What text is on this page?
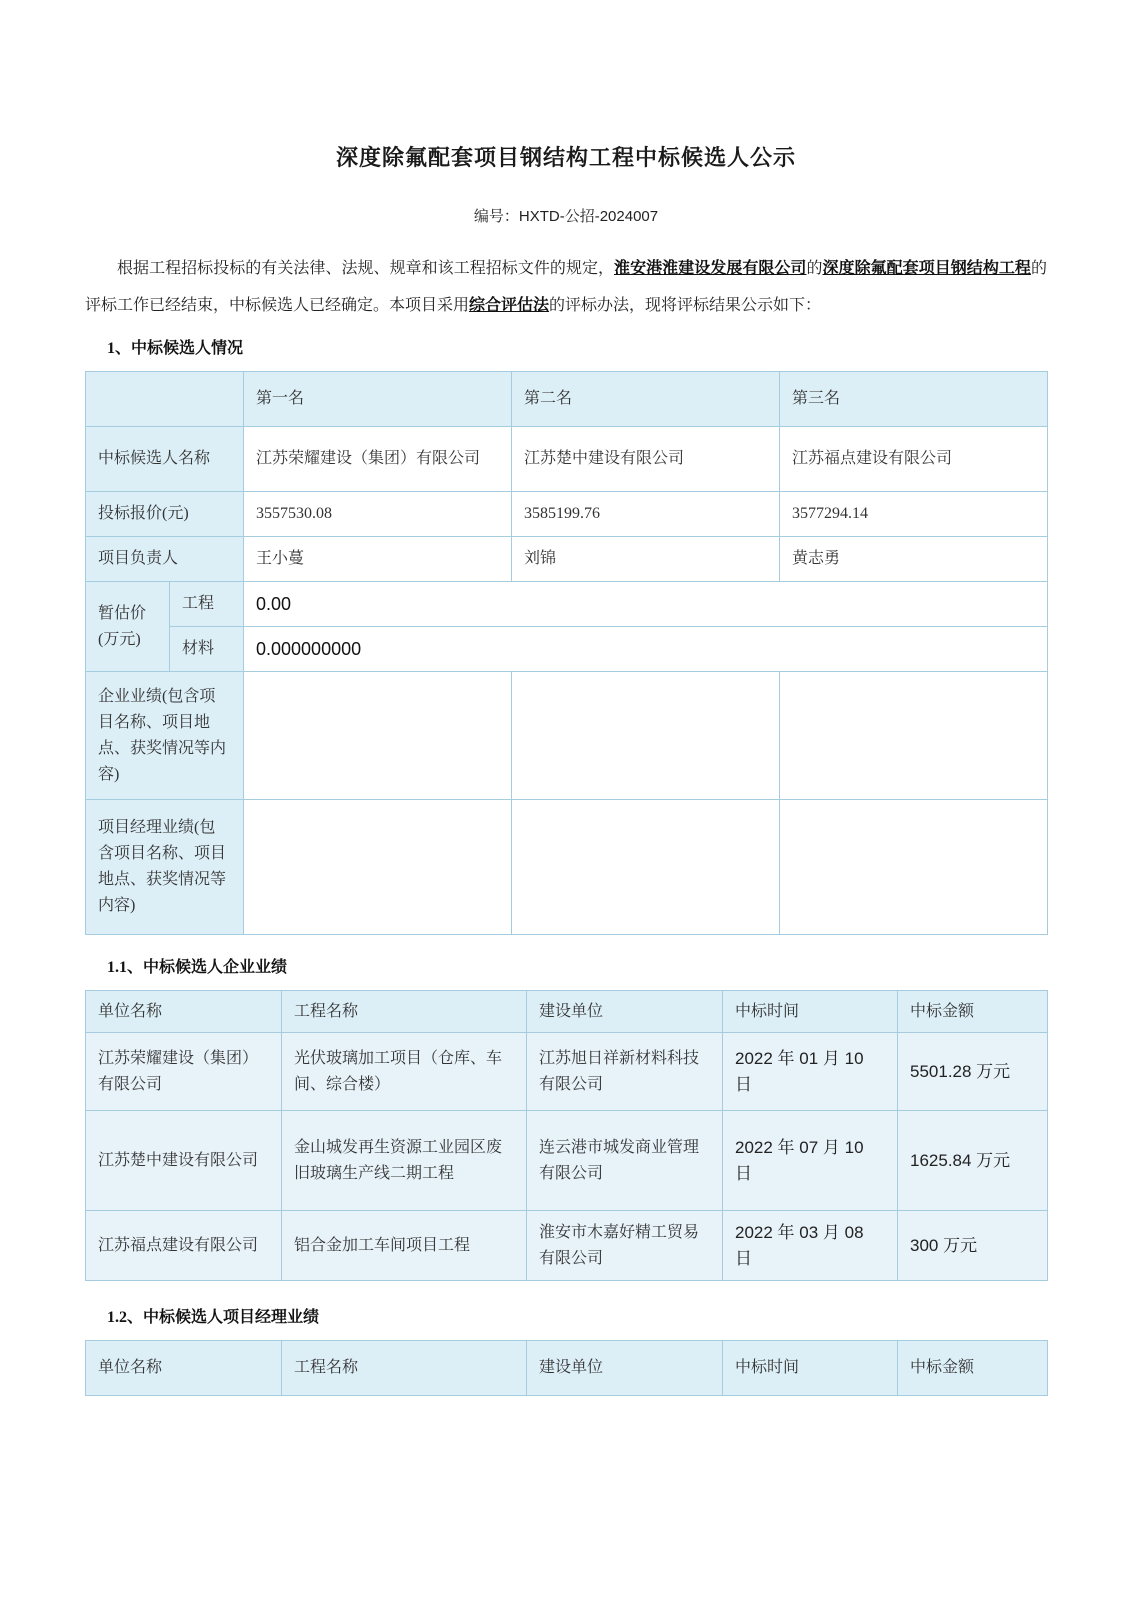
深度除氟配套项目钢结构工程中标候选人公示
编号：HXTD-公招-2024007
根据工程招标投标的有关法律、法规、规章和该工程招标文件的规定，淮安港淮建设发展有限公司的深度除氟配套项目钢结构工程的评标工作已经结束，中标候选人已经确定。本项目采用综合评估法的评标办法，现将评标结果公示如下：
1、中标候选人情况
		第一名	第二名	第三名
中标候选人名称		江苏荣耀建设（集团）有限公司	江苏楚中建设有限公司	江苏福点建设有限公司
投标报价(元)		3557530.08	3585199.76	3577294.14
项目负责人		王小蔓	刘锦	黄志勇

暂估价
(万元)	工程	0.00		
	材料	0.000000000		
企业业绩(包含项目名称、项目地点、获奖情况等内容)				
项目经理业绩(包含项目名称、项目地点、获奖情况等内容)				
1.1、中标候选人企业业绩
单位名称	工程名称	建设单位	中标时间	中标金额
江苏荣耀建设（集团）有限公司	光伏玻璃加工项目（仓库、车间、综合楼）	江苏旭日祥新材料科技有限公司	2022 年 01 月 10 日	5501.28 万元
江苏楚中建设有限公司	金山城发再生资源工业园区废旧玻璃生产线二期工程	连云港市城发商业管理有限公司	2022 年 07 月 10 日	1625.84 万元
江苏福点建设有限公司	铝合金加工车间项目工程	淮安市木嘉好精工贸易有限公司	2022 年 03 月 08 日	300 万元
1.2、中标候选人项目经理业绩
单位名称	工程名称	建设单位	中标时间	中标金额
